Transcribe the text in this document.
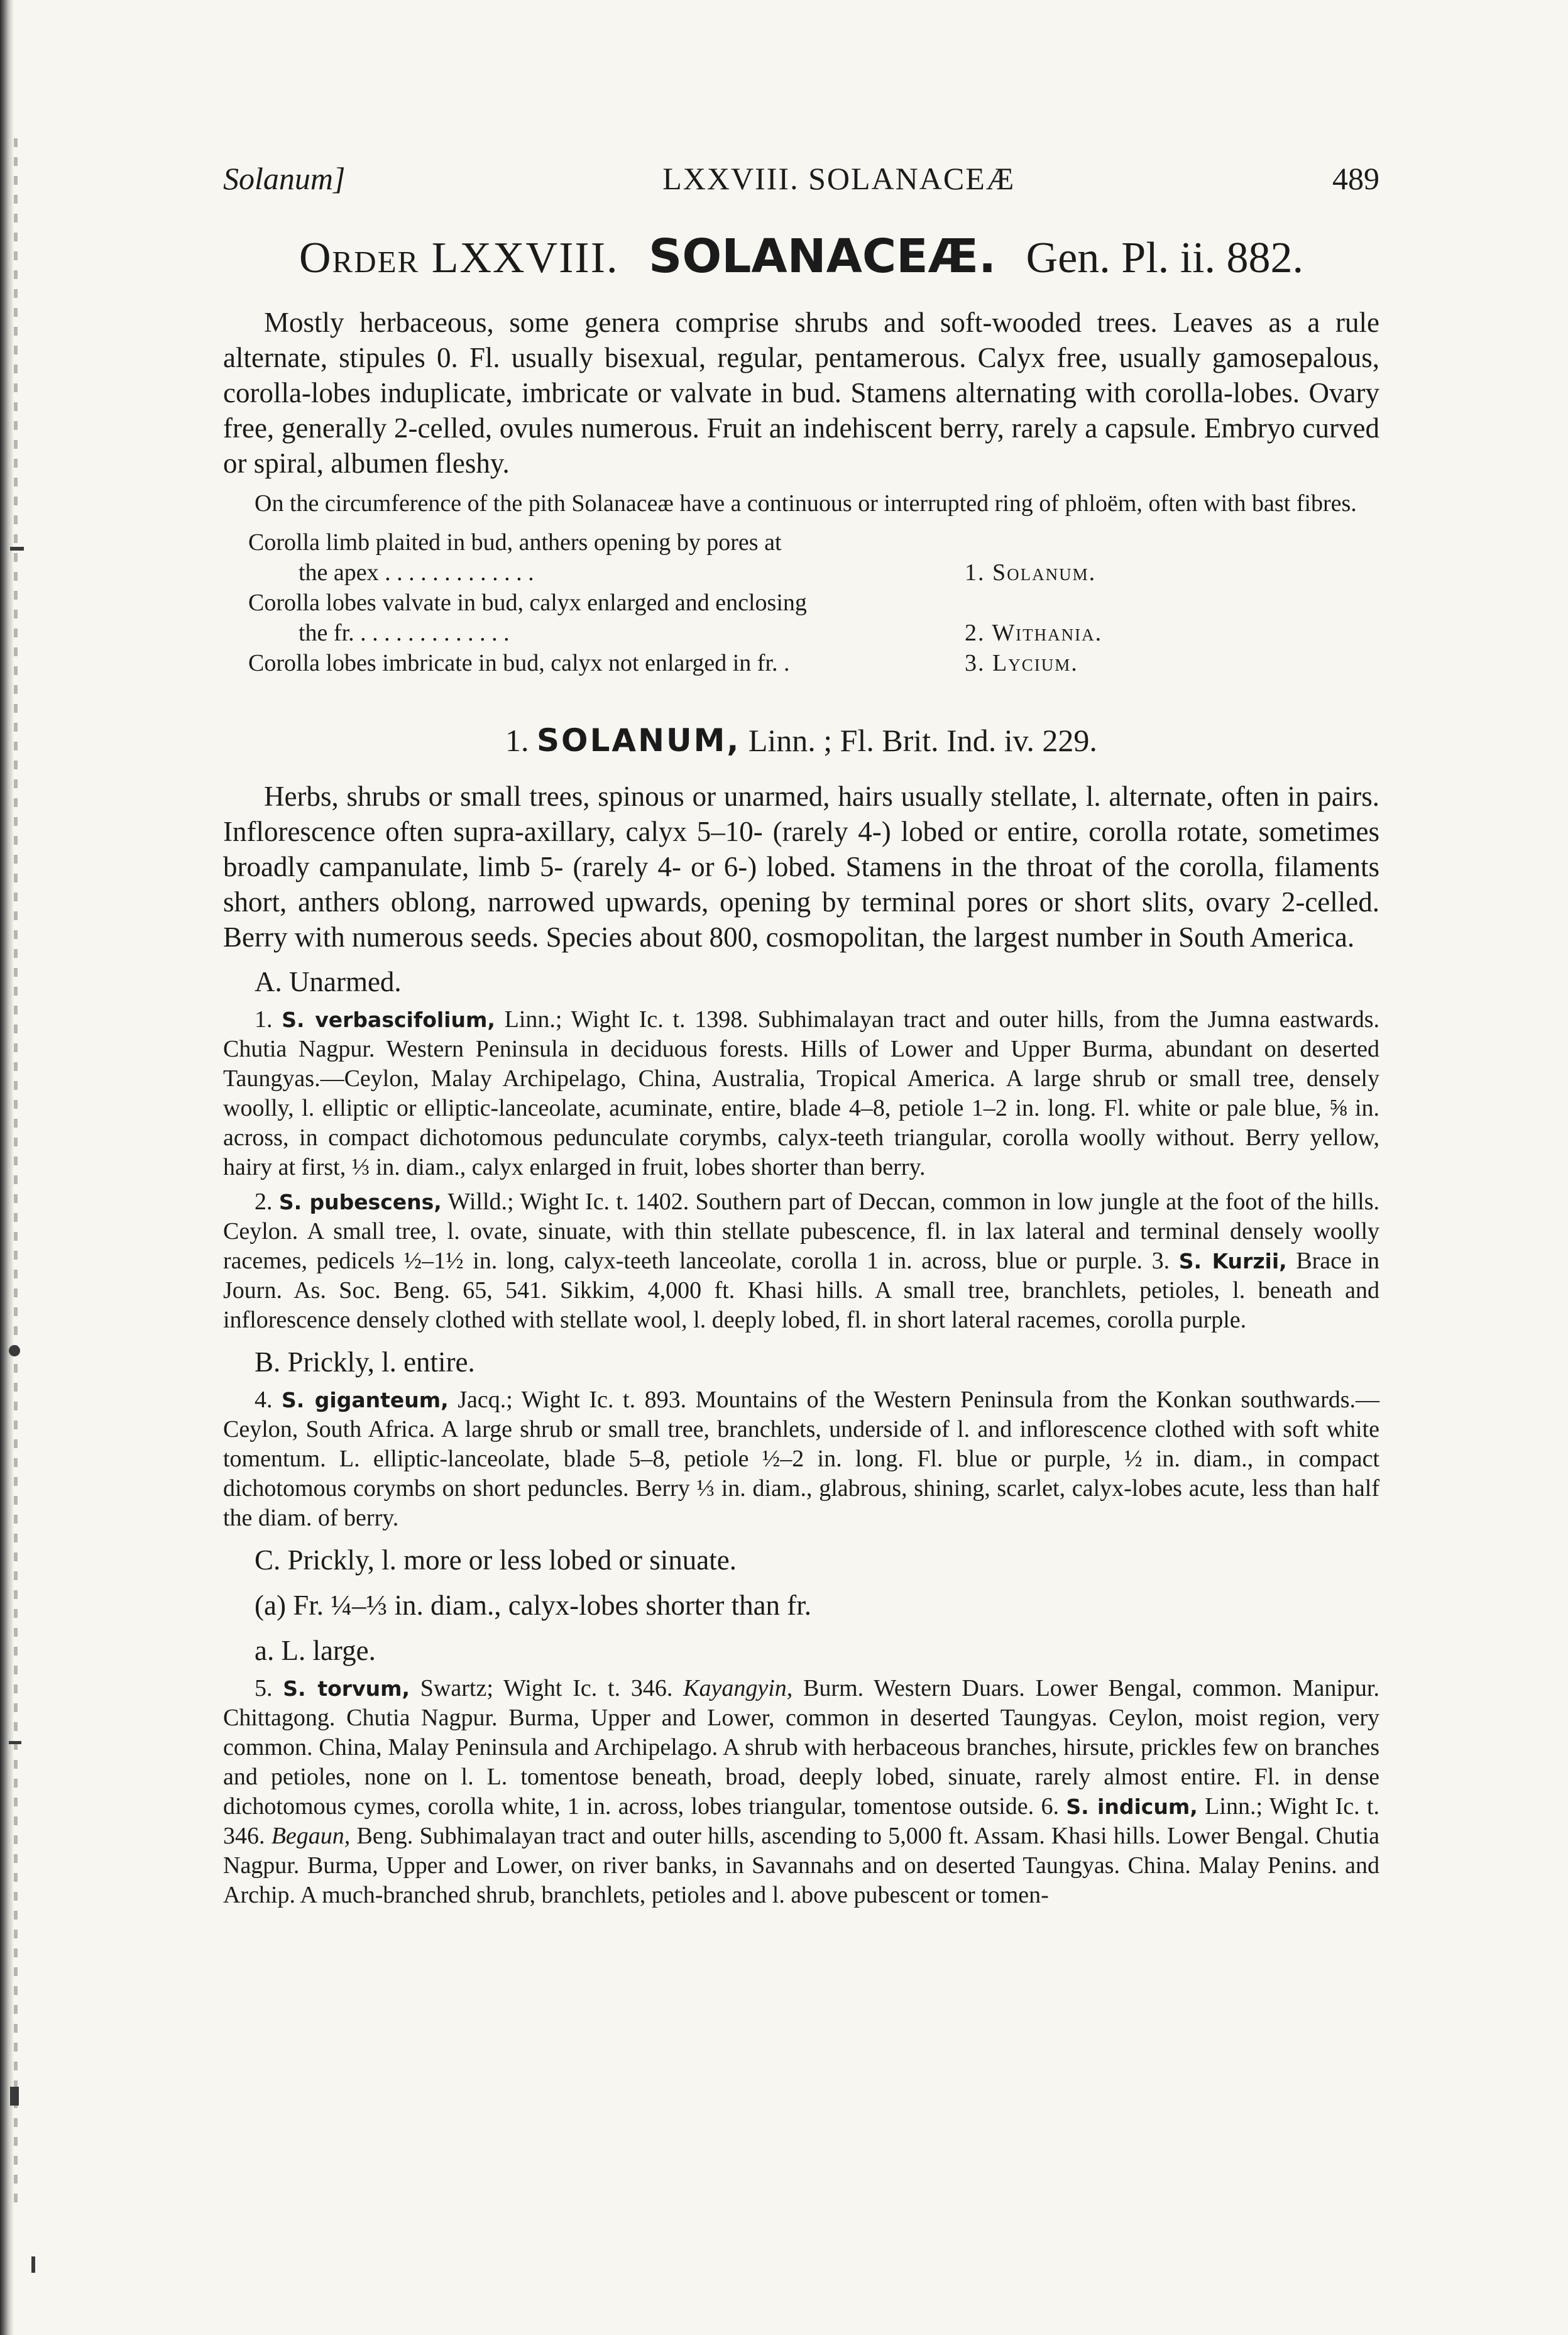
Solanum]	LXXVIII. SOLANACEÆ	489
Order LXXVIII. SOLANACEÆ. Gen. Pl. ii. 882.

Mostly herbaceous, some genera comprise shrubs and soft-wooded trees. Leaves as a rule alternate, stipules 0. Fl. usually bisexual, regular, pentamerous. Calyx free, usually gamosepalous, corolla-lobes induplicate, imbricate or valvate in bud. Stamens alternating with corolla-lobes. Ovary free, generally 2-celled, ovules numerous. Fruit an indehiscent berry, rarely a capsule. Embryo curved or spiral, albumen fleshy.

On the circumference of the pith Solanaceæ have a continuous or interrupted ring of phloëm, often with bast fibres.

Corolla limb plaited in bud, anthers opening by pores at
the apex . . . . . . . . . . . . .	1. Solanum.
Corolla lobes valvate in bud, calyx enlarged and enclosing
the fr. . . . . . . . . . . . . .	2. Withania.
Corolla lobes imbricate in bud, calyx not enlarged in fr. .	3. Lycium.
1. SOLANUM, Linn. ; Fl. Brit. Ind. iv. 229.

Herbs, shrubs or small trees, spinous or unarmed, hairs usually stellate, l. alternate, often in pairs. Inflorescence often supra-axillary, calyx 5–10- (rarely 4-) lobed or entire, corolla rotate, sometimes broadly campanulate, limb 5- (rarely 4- or 6-) lobed. Stamens in the throat of the corolla, filaments short, anthers oblong, narrowed upwards, opening by terminal pores or short slits, ovary 2-celled. Berry with numerous seeds. Species about 800, cosmopolitan, the largest number in South America.

A. Unarmed.

1. S. verbascifolium, Linn.; Wight Ic. t. 1398. Subhimalayan tract and outer hills, from the Jumna eastwards. Chutia Nagpur. Western Peninsula in deciduous forests. Hills of Lower and Upper Burma, abundant on deserted Taungyas.—Ceylon, Malay Archipelago, China, Australia, Tropical America. A large shrub or small tree, densely woolly, l. elliptic or elliptic-lanceolate, acuminate, entire, blade 4–8, petiole 1–2 in. long. Fl. white or pale blue, ⅝ in. across, in compact dichotomous pedunculate corymbs, calyx-teeth triangular, corolla woolly without. Berry yellow, hairy at first, ⅓ in. diam., calyx enlarged in fruit, lobes shorter than berry.

2. S. pubescens, Willd.; Wight Ic. t. 1402. Southern part of Deccan, common in low jungle at the foot of the hills. Ceylon. A small tree, l. ovate, sinuate, with thin stellate pubescence, fl. in lax lateral and terminal densely woolly racemes, pedicels ½–1½ in. long, calyx-teeth lanceolate, corolla 1 in. across, blue or purple. 3. S. Kurzii, Brace in Journ. As. Soc. Beng. 65, 541. Sikkim, 4,000 ft. Khasi hills. A small tree, branchlets, petioles, l. beneath and inflorescence densely clothed with stellate wool, l. deeply lobed, fl. in short lateral racemes, corolla purple.

B. Prickly, l. entire.

4. S. giganteum, Jacq.; Wight Ic. t. 893. Mountains of the Western Peninsula from the Konkan southwards.—Ceylon, South Africa. A large shrub or small tree, branchlets, underside of l. and inflorescence clothed with soft white tomentum. L. elliptic-lanceolate, blade 5–8, petiole ½–2 in. long. Fl. blue or purple, ½ in. diam., in compact dichotomous corymbs on short peduncles. Berry ⅓ in. diam., glabrous, shining, scarlet, calyx-lobes acute, less than half the diam. of berry.

C. Prickly, l. more or less lobed or sinuate.
(a) Fr. ¼–⅓ in. diam., calyx-lobes shorter than fr.
a. L. large.

5. S. torvum, Swartz; Wight Ic. t. 346. Kayangyin, Burm. Western Duars. Lower Bengal, common. Manipur. Chittagong. Chutia Nagpur. Burma, Upper and Lower, common in deserted Taungyas. Ceylon, moist region, very common. China, Malay Peninsula and Archipelago. A shrub with herbaceous branches, hirsute, prickles few on branches and petioles, none on l. L. tomentose beneath, broad, deeply lobed, sinuate, rarely almost entire. Fl. in dense dichotomous cymes, corolla white, 1 in. across, lobes triangular, tomentose outside. 6. S. indicum, Linn.; Wight Ic. t. 346. Begaun, Beng. Subhimalayan tract and outer hills, ascending to 5,000 ft. Assam. Khasi hills. Lower Bengal. Chutia Nagpur. Burma, Upper and Lower, on river banks, in Savannahs and on deserted Taungyas. China. Malay Penins. and Archip. A much-branched shrub, branchlets, petioles and l. above pubescent or tomen-
